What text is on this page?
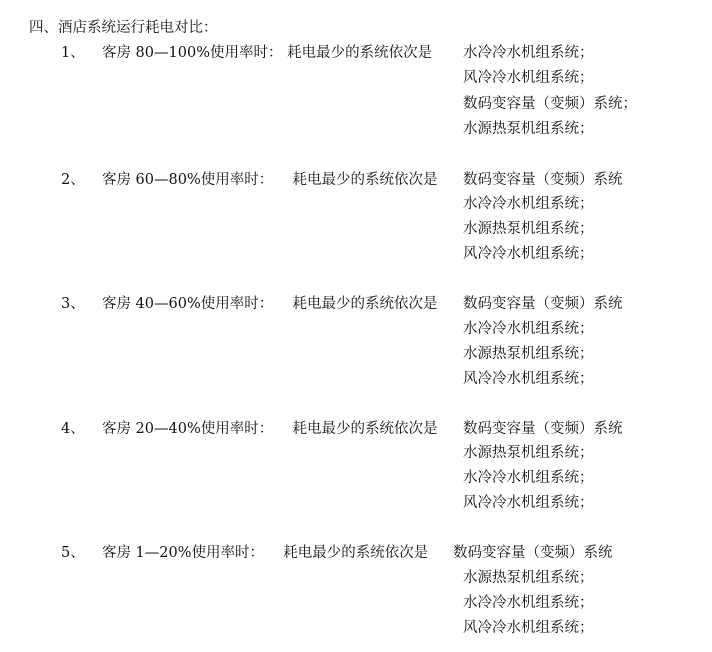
四、酒店系统运行耗电对比：
1、 客房 80—100%使用率时： 耗电最少的系统依次是 水冷冷水机组系统；
风冷冷水机组系统；
数码变容量（变频）系统；
水源热泵机组系统；
2、 客房 60—80%使用率时： 耗电最少的系统依次是 数码变容量（变频）系统
水冷冷水机组系统；
水源热泵机组系统；
风冷冷水机组系统；
3、 客房 40—60%使用率时： 耗电最少的系统依次是 数码变容量（变频）系统
水冷冷水机组系统；
水源热泵机组系统；
风冷冷水机组系统；
4、 客房 20—40%使用率时： 耗电最少的系统依次是 数码变容量（变频）系统
水源热泵机组系统；
水冷冷水机组系统；
风冷冷水机组系统；
5、 客房 1—20%使用率时： 耗电最少的系统依次是 数码变容量（变频）系统
水源热泵机组系统；
水冷冷水机组系统；
风冷冷水机组系统；
